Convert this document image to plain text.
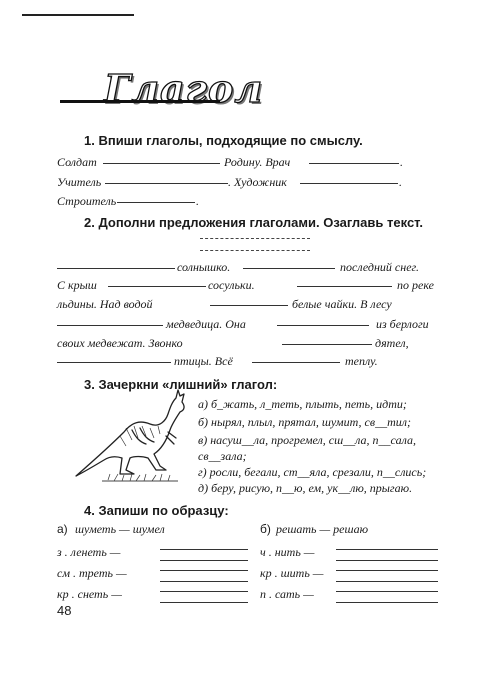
Глагол
1. Впиши глаголы, подходящие по смыслу.
Солдат	Родину. Врач	.
Учитель	. Художник	.
Строитель	.
2. Дополни предложения глаголами. Озаглавь текст.
солнышко.	последний снег.
С крыш	сосульки.	по реке
льдины. Над водой	белые чайки. В лесу
медведица. Она	из берлоги
своих медвежат. Звонко	дятел,
птицы. Всё	теплу.
3. Зачеркни «лишний» глагол:
а) б_жать, л_теть, плыть, петь, идти;
б) нырял, плыл, прятал, шумит, св__тил;
в) насуш__ла, прогремел, сш__ла, п__сала,
св__зала;
г) росли, бегали, ст__яла, срезали, п__слись;
д) беру, рисую, п__ю, ем, ук__лю, прыгаю.
4. Запиши по образцу:
а) шуметь — шумел	б) решать — решаю
з . ленеть —	ч . нить —
см . треть —	кр . шить —
кр . снеть —	п . сать —
48
